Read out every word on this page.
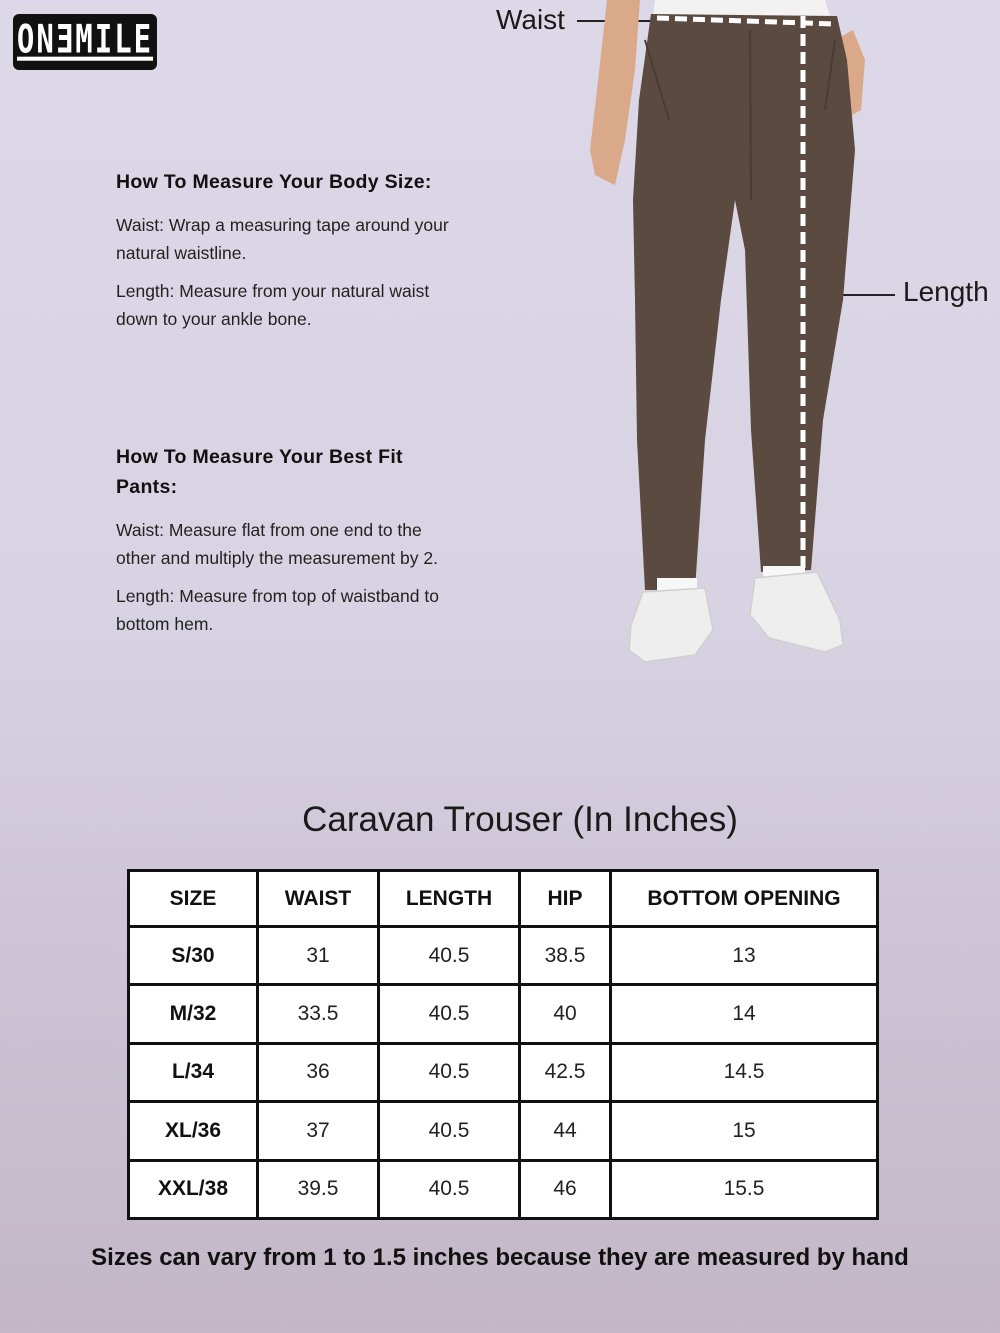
ONƎMILE
How To Measure Your Body Size:

Waist: Wrap a measuring tape around your natural waistline.

Length: Measure from your natural waist down to your ankle bone.

How To Measure Your Best Fit Pants:

Waist: Measure flat from one end to the other and multiply the measurement by 2.

Length: Measure from top of waistband to bottom hem.

Waist
Length
Caravan Trouser (In Inches)
SIZE	WAIST	LENGTH	HIP	BOTTOM OPENING
S/30	31	40.5	38.5	13
M/32	33.5	40.5	40	14
L/34	36	40.5	42.5	14.5
XL/36	37	40.5	44	15
XXL/38	39.5	40.5	46	15.5
Sizes can vary from 1 to 1.5 inches because they are measured by hand
